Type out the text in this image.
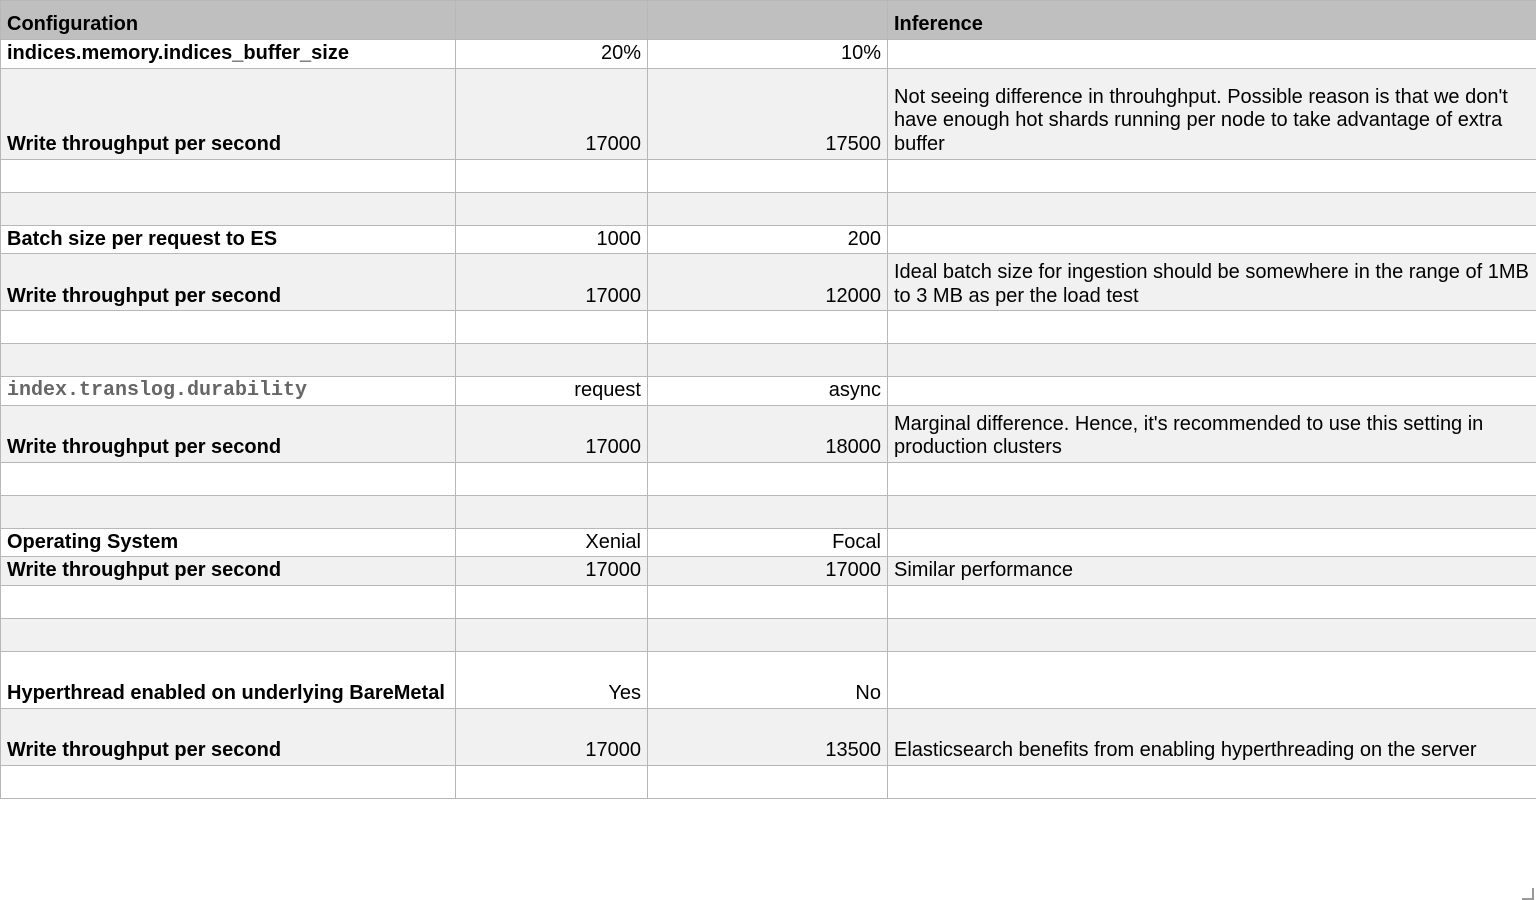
Configuration			Inference
indices.memory.indices_buffer_size	20%	10%	
Write throughput per second	17000	17500	Not seeing difference in throuhghput. Possible reason is that we don't have enough hot shards running per node to take advantage of extra buffer

Batch size per request to ES	1000	200	
Write throughput per second	17000	12000	Ideal batch size for ingestion should be somewhere in the range of 1MB to 3 MB as per the load test

index.translog.durability	request	async	
Write throughput per second	17000	18000	Marginal difference. Hence, it's recommended to use this setting in production clusters

Operating System	Xenial	Focal	
Write throughput per second	17000	17000	Similar performance

Hyperthread enabled on underlying BareMetal	Yes	No	
Write throughput per second	17000	13500	Elasticsearch benefits from enabling hyperthreading on the server
